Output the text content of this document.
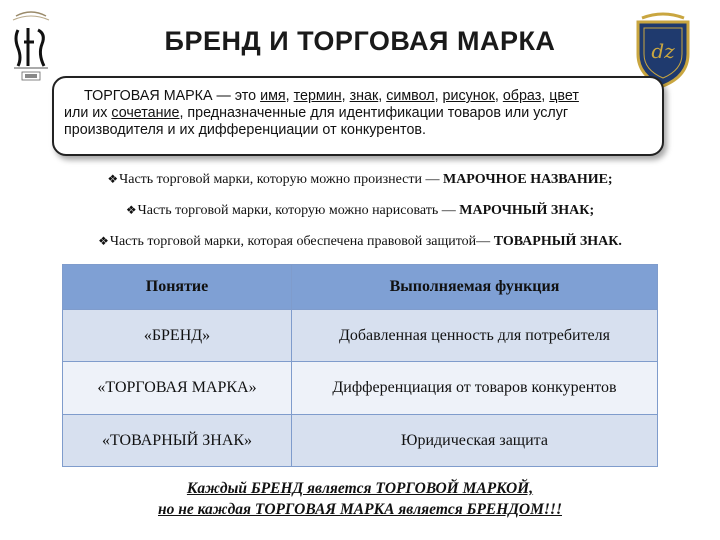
БРЕНД И ТОРГОВАЯ МАРКА	dz
ТОРГОВАЯ МАРКА — это имя, термин, знак, символ, рисунок, образ, цвет
или их сочетание, предназначенные для идентификации товаров или услуг
производителя и их дифференциации от конкурентов.
❖Часть торговой марки, которую можно произнести — МАРОЧНОЕ НАЗВАНИЕ;
❖Часть торговой марки, которую можно нарисовать — МАРОЧНЫЙ ЗНАК;
❖Часть торговой марки, которая обеспечена правовой защитой— ТОВАРНЫЙ ЗНАК.
Понятие	Выполняемая функция
«БРЕНД»	Добавленная ценность для потребителя
«ТОРГОВАЯ МАРКА»	Дифференциация от товаров конкурентов
«ТОВАРНЫЙ ЗНАК»	Юридическая защита
Каждый БРЕНД является ТОРГОВОЙ МАРКОЙ,
но не каждая ТОРГОВАЯ МАРКА является БРЕНДОМ!!!
